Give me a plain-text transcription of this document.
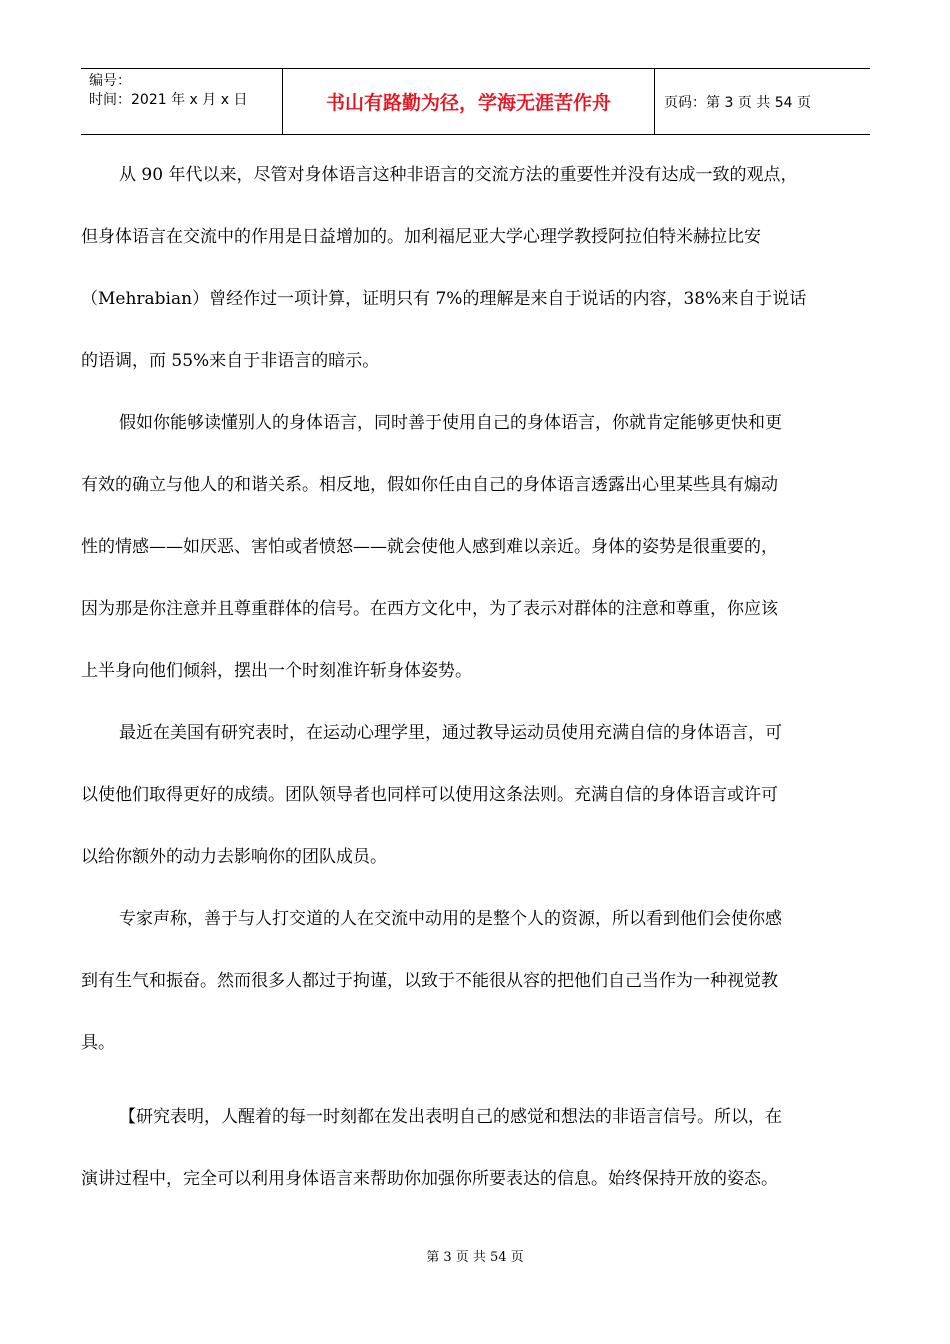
编号：
时间：2021 年 x 月 x 日	书山有路勤为径，学海无涯苦作舟	页码：第 3 页 共 54 页
从 90 年代以来，尽管对身体语言这种非语言的交流方法的重要性并没有达成一致的观点，
但身体语言在交流中的作用是日益增加的。加利福尼亚大学心理学教授阿拉伯特米赫拉比安
（Mehrabian）曾经作过一项计算，证明只有 7%的理解是来自于说话的内容，38%来自于说话
的语调，而 55%来自于非语言的暗示。
假如你能够读懂别人的身体语言，同时善于使用自己的身体语言，你就肯定能够更快和更
有效的确立与他人的和谐关系。相反地，假如你任由自己的身体语言透露出心里某些具有煽动
性的情感——如厌恶、害怕或者愤怒——就会使他人感到难以亲近。身体的姿势是很重要的，
因为那是你注意并且尊重群体的信号。在西方文化中，为了表示对群体的注意和尊重，你应该
上半身向他们倾斜，摆出一个时刻准许斩身体姿势。
最近在美国有研究表时，在运动心理学里，通过教导运动员使用充满自信的身体语言，可
以使他们取得更好的成绩。团队领导者也同样可以使用这条法则。充满自信的身体语言或许可
以给你额外的动力去影响你的团队成员。
专家声称，善于与人打交道的人在交流中动用的是整个人的资源，所以看到他们会使你感
到有生气和振奋。然而很多人都过于拘谨，以致于不能很从容的把他们自己当作为一种视觉教
具。
【研究表明，人醒着的每一时刻都在发出表明自己的感觉和想法的非语言信号。所以，在
演讲过程中，完全可以利用身体语言来帮助你加强你所要表达的信息。始终保持开放的姿态。
第 3 页 共 54 页
